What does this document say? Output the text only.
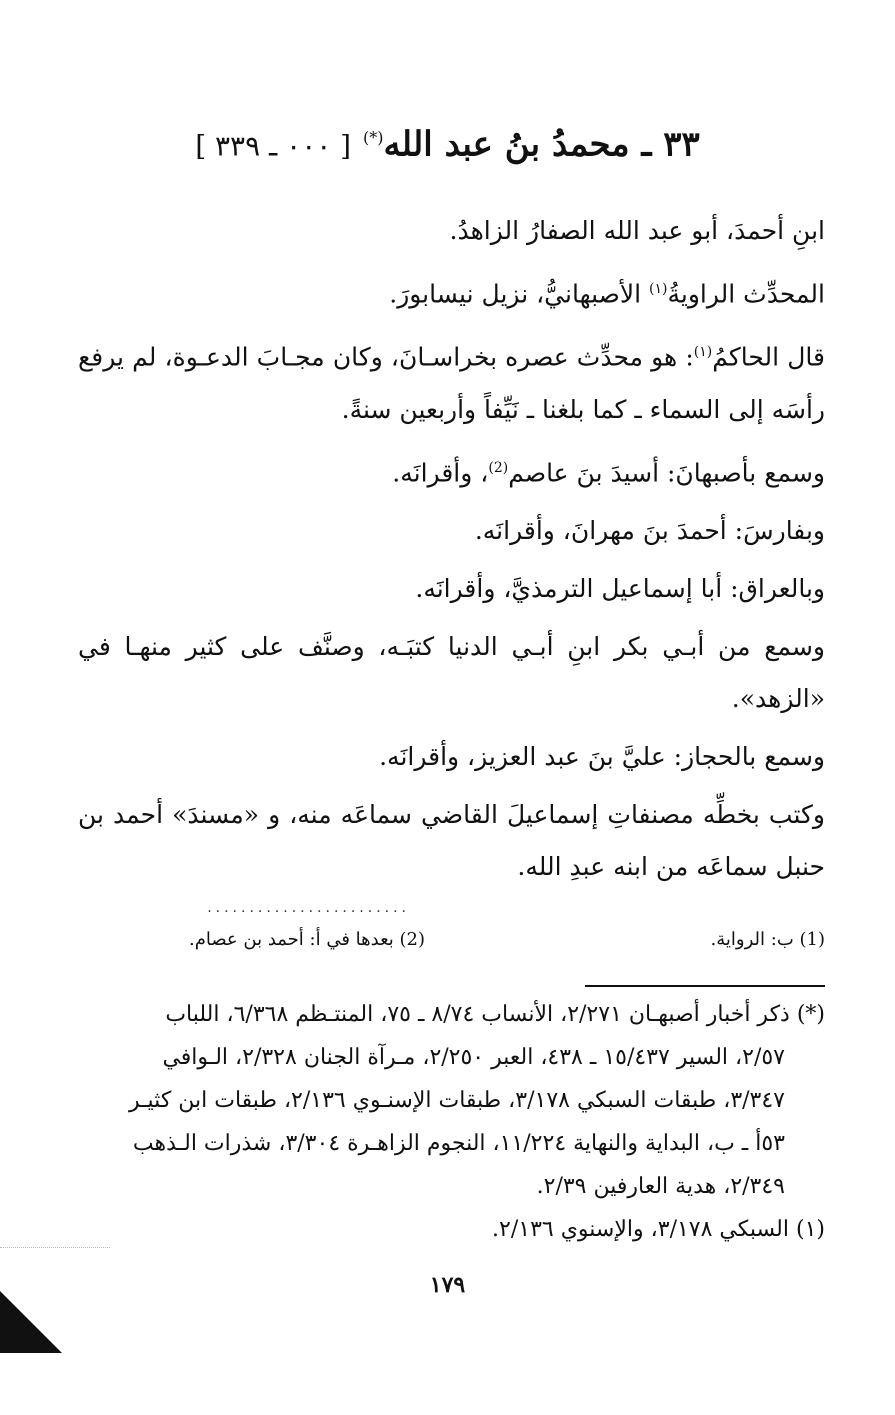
٣٣ ـ محمدُ بنُ عبد الله(*) [ ٠٠٠ ـ ٣٣٩ ]

ابنِ أحمدَ، أبو عبد الله الصفارُ الزاهدُ.

المحدِّث الراويةُ$^{(١)}$ الأصبهانيُّ، نزيل نيسابورَ.

قال الحاكمُ$^{(١)}$: هو محدِّث عصره بخراسـانَ، وكان مجـابَ الدعـوة، لم يرفع رأسَه إلى السماء ـ كما بلغنا ـ نَيِّفاً وأربعين سنةً.

وسمع بأصبهانَ: أسيدَ بنَ عاصم$^{(2)}$، وأقرانَه.

وبفارسَ: أحمدَ بنَ مهرانَ، وأقرانَه.

وبالعراق: أبا إسماعيل الترمذيَّ، وأقرانَه.

وسمع من أبـي بكر ابنِ أبـي الدنيا كتبَـه، وصنَّف على كثير منهـا في «الزهد».

وسمع بالحجاز: عليَّ بنَ عبد العزيز، وأقرانَه.

وكتب بخطِّه مصنفاتِ إسماعيلَ القاضي سماعَه منه، و «مسندَ» أحمد بن حنبل سماعَه من ابنه عبدِ الله.

........................
(1) ب: الرواية.
(2) بعدها في أ: أحمد بن عصام.

(*) ذكر أخبار أصبهـان ٢/٢٧١، الأنساب ٨/٧٤ ـ ٧٥، المنتـظم ٦/٣٦٨، اللباب

٢/٥٧، السير ١٥/٤٣٧ ـ ٤٣٨، العبر ٢/٢٥٠، مـرآة الجنان ٢/٣٢٨، الـوافي

٣/٣٤٧، طبقات السبكي ٣/١٧٨، طبقات الإسنـوي ٢/١٣٦، طبقات ابن كثيـر

٥٣أ ـ ب، البداية والنهاية ١١/٢٢٤، النجوم الزاهـرة ٣/٣٠٤، شذرات الـذهب

٢/٣٤٩، هدية العارفين ٢/٣٩.

(١) السبكي ٣/١٧٨، والإسنوي ٢/١٣٦.

١٧٩
